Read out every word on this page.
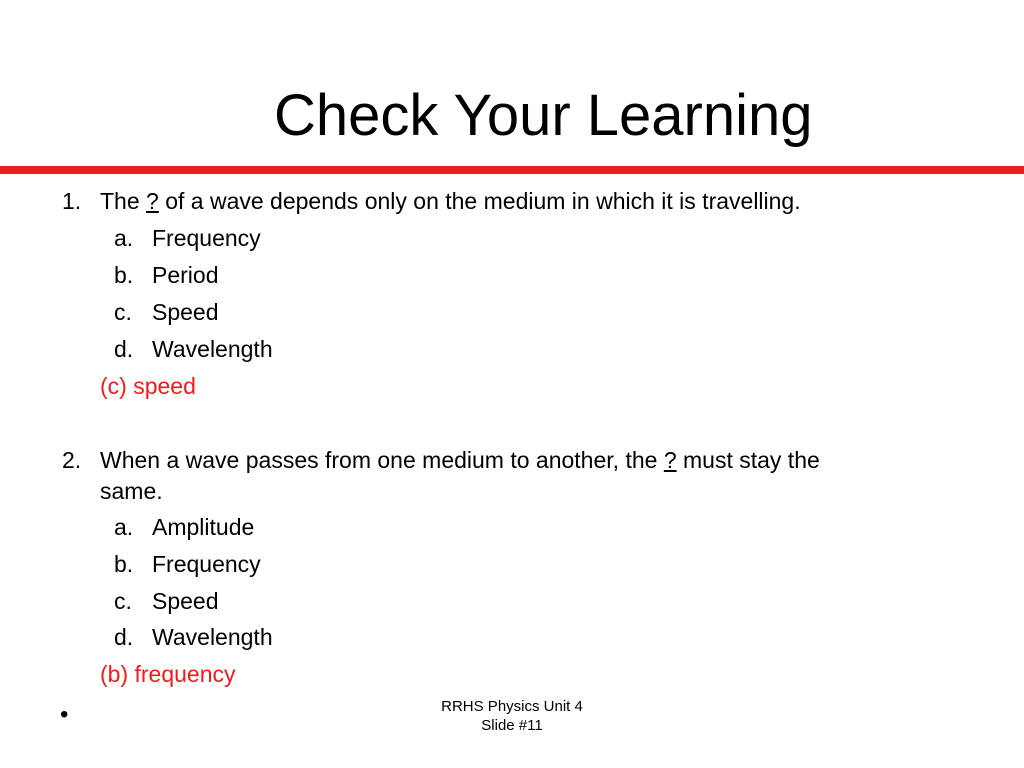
Check Your Learning
1. The ? of a wave depends only on the medium in which it is travelling.
a. Frequency
b. Period
c. Speed
d. Wavelength
(c) speed
2. When a wave passes from one medium to another, the ? must stay the
same.
a. Amplitude
b. Frequency
c. Speed
d. Wavelength
(b) frequency
•	RRHS Physics Unit 4
Slide #11
